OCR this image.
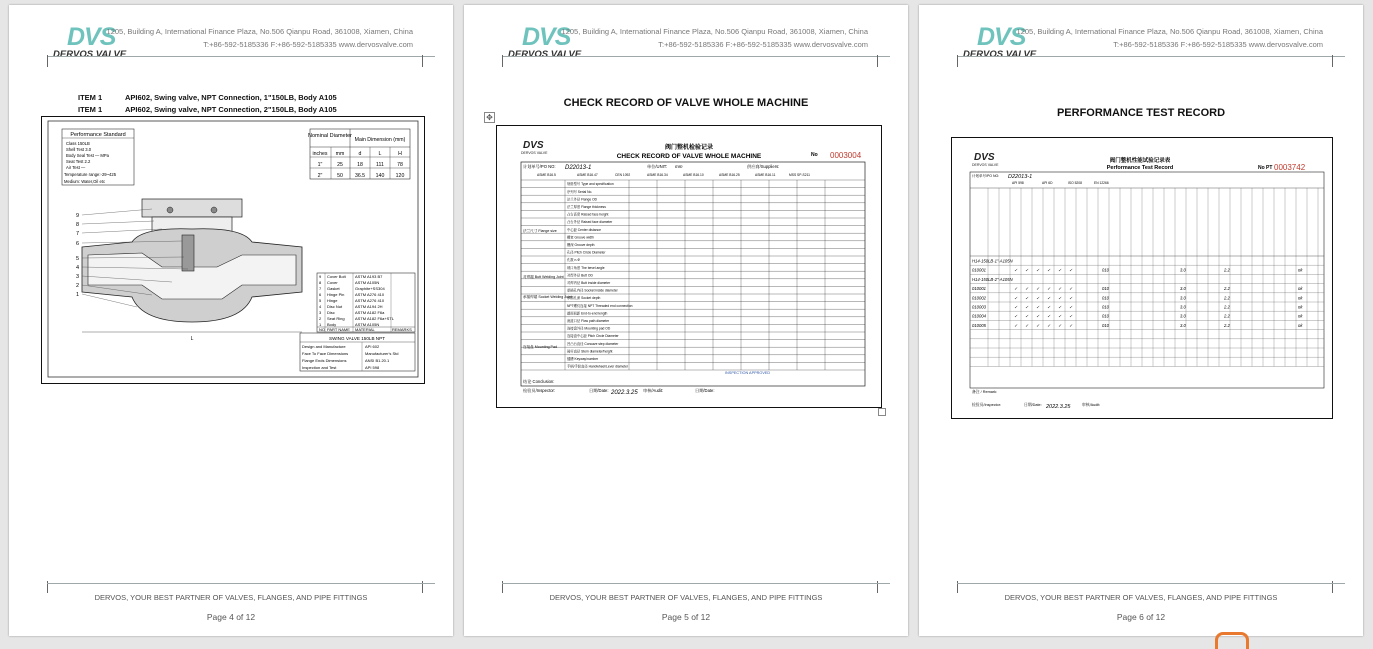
DVS
DERVOS VALVE
1205, Building A, International Finance Plaza, No.506 Qianpu Road, 361008, Xiamen, China
T:+86-592-5185336 F:+86-592-5185335 www.dervosvalve.com
ITEM 1	API602, Swing valve, NPT Connection, 1"150LB, Body A105
ITEM 1	API602, Swing valve, NPT Connection, 2"150LB, Body A105
Performance Standard
Class 150LB
Shell Test 3.0
Body Seal Test — MPa
Seat Test 2.2
Air Test —
Temperature range:-29~425
Medium: Water,Oil etc
Nominal Diameter
Main Dimension (mm)
inches mm	d	L	H
1"	25	18	111	78
2"	50 36.5 140 120
L
9
8
7
6
5
4
3
2
1
9 Cover Bolt ASTM A193 B7
8 Cover	ASTM A105N
7 Gasket	Graphite+SS304
6 Hinge Pin	ASTM A276 410
5 Hinge	ASTM A276 410
4 Disc Nut	ASTM A194 2H
3 Disc	ASTM A182 F6a
2 Seat Ring	ASTM A182 F6a+STL
1 Body	ASTM A105N
NO PART NAME MATERIAL	REMARKS
SWING VALVE 150LB NPT
Design and Manufacture	API 602
Face To Face Dimensions	Manufacturer's Std
Flange Ends Dimensions	ANSI B1.20.1
Inspection and Test	API 598
DERVOS, YOUR BEST PARTNER OF VALVES, FLANGES, AND PIPE FITTINGS
Page 4 of 12
DVS
DERVOS VALVE
1205, Building A, International Finance Plaza, No.506 Qianpu Road, 361008, Xiamen, China
T:+86-592-5185336 F:+86-592-5185335 www.dervosvalve.com
CHECK RECORD OF VALVE WHOLE MACHINE
✥
DVS
DERVOS VALVE
阀门整机检验记录
CHECK RECORD OF VALVE WHOLE MACHINE	No 0003004
计划单号/PO NO: D22013-1	单位/UNIT: mm	供应商/Suppliers:
ASME B16.5	ASME B16.47	CEN 1092	ASME B16.34	ASME B16.10	ASME B16.25	ASME B16.11	MSS SP-S211
法兰尺寸 Flange size
对焊端 Butt Welding Joint
承插焊端 Socket Welding Joint
连接盘 Mounting Pad
规格型号 Type and specification
序列号 Serial No.
法兰外径 Flange OD
法兰厚度 Flange thickness
凸台高度 Raised face height
凸台外径 Raised face diameter
中心距 Center distance
槽宽 Groove width
槽深 Groove depth
孔径 Pitch Circle Diameter
孔数 n-Φ
坡口角度 The bevel angle
对焊外径 Butt OD
对焊内径 Butt inside diameter
承插孔内径 Socket inside diameter
承插孔深 Socket depth
NPT螺纹连接 NPT Threaded end connection
端面间距 End-to-end length
流道口径 Flow path diameter
连接盘外径 Mounting pad OD
连接盘中心距 Pitch Circle Diameter
凹凸台直径 Concave step diameter
阀杆直径 Stem diameter/height
键槽 Keyway/number
手柄/手轮直径 Handwheel/Lever diameter
结论 Conclusion:
检验员/Inspector:	日期/Date: 2022.3.25 审核/Audit:	日期/Date:
INSPECTION APPROVED
DERVOS, YOUR BEST PARTNER OF VALVES, FLANGES, AND PIPE FITTINGS
Page 5 of 12
DVS
DERVOS VALVE
1205, Building A, International Finance Plaza, No.506 Qianpu Road, 361008, Xiamen, China
T:+86-592-5185336 F:+86-592-5185335 www.dervosvalve.com
PERFORMANCE TEST RECORD
DVS
DERVOS VALVE
阀门整机性能试验记录表
Performance Test Record	No PT 0003742
计划单号/PO NO: D22013-1
API 598	API 6D	ISO 5208	EN 12266
H14-150LB-1"-A105N
010001	✓ ✓ ✓ ✓ ✓ ✓	010	3.0	2.2	ok
H14-150LB-2"-A105N
010001	✓ ✓ ✓ ✓ ✓ ✓	010	3.0	2.2	ok
010002	✓ ✓ ✓ ✓ ✓ ✓	010	3.0	2.2	ok
010003	✓ ✓ ✓ ✓ ✓ ✓	010	3.0	2.2	ok
010004	✓ ✓ ✓ ✓ ✓ ✓	010	3.0	2.2	ok
010005	✓ ✓ ✓ ✓ ✓ ✓	010	3.0	2.2	ok
备注 / Remark:
检验员/Inspector:	日期/Date: 2022.3.25	审核/Audit:
DERVOS, YOUR BEST PARTNER OF VALVES, FLANGES, AND PIPE FITTINGS
Page 6 of 12
